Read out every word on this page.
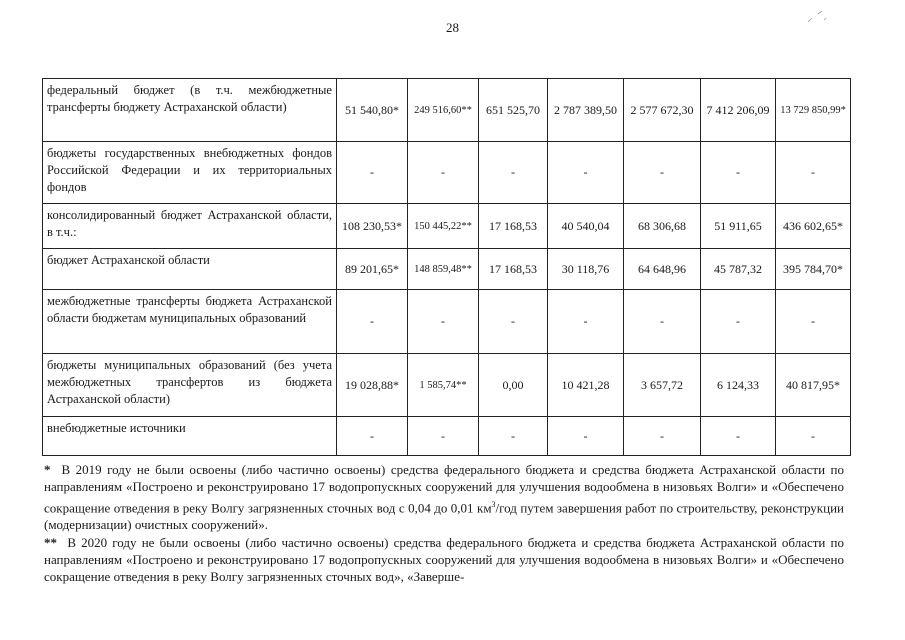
28
федеральный бюджет (в т.ч. межбюджетные трансферты бюджету Астраханской области)	51 540,80*	249 516,60**	651 525,70	2 787 389,50	2 577 672,30	7 412 206,09	13 729 850,99*
бюджеты государственных внебюджетных фондов Российской Федерации и их территориальных фондов	-	-	-	-	-	-	-
консолидированный бюджет Астраханской области, в т.ч.:	108 230,53*	150 445,22**	17 168,53	40 540,04	68 306,68	51 911,65	436 602,65*
бюджет Астраханской области	89 201,65*	148 859,48**	17 168,53	30 118,76	64 648,96	45 787,32	395 784,70*
межбюджетные трансферты бюджета Астраханской области бюджетам муниципальных образований	-	-	-	-	-	-	-
бюджеты муниципальных образований (без учета межбюджетных трансфертов из бюджета Астраханской области)	19 028,88*	1 585,74**	0,00	10 421,28	3 657,72	6 124,33	40 817,95*
внебюджетные источники	-	-	-	-	-	-	-

* В 2019 году не были освоены (либо частично освоены) средства федерального бюджета и средства бюджета Астраханской области по направлениям «Построено и реконструировано 17 водопропускных сооружений для улучшения водообмена в низовьях Волги» и «Обеспечено сокращение отведения в реку Волгу загрязненных сточных вод с 0,04 до 0,01 $км^3$/год путем завершения работ по строительству, реконструкции (модернизации) очистных сооружений».

** В 2020 году не были освоены (либо частично освоены) средства федерального бюджета и средства бюджета Астраханской области по направлениям «Построено и реконструировано 17 водопропускных сооружений для улучшения водообмена в низовьях Волги» и «Обеспечено сокращение отведения в реку Волгу загрязненных сточных вод», «Заверше-
